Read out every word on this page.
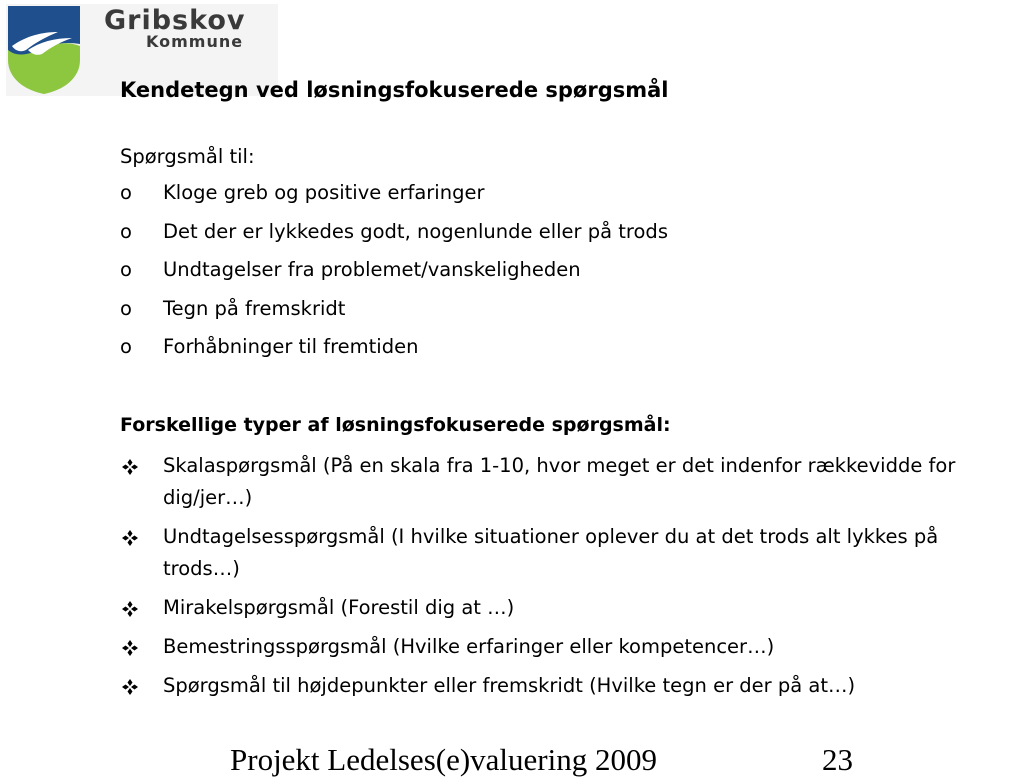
Gribskov
Kommune
Kendetegn ved løsningsfokuserede spørgsmål
Spørgsmål til:
o	Kloge greb og positive erfaringer
o	Det der er lykkedes godt, nogenlunde eller på trods
o	Undtagelser fra problemet/vanskeligheden
o	Tegn på fremskridt
o	Forhåbninger til fremtiden
Forskellige typer af løsningsfokuserede spørgsmål:
Skalaspørgsmål (På en skala fra 1-10, hvor meget er det indenfor rækkevidde for dig/jer…)
Undtagelsesspørgsmål (I hvilke situationer oplever du at det trods alt lykkes på trods…)
Mirakelspørgsmål (Forestil dig at …)
Bemestringsspørgsmål (Hvilke erfaringer eller kompetencer…)
Spørgsmål til højdepunkter eller fremskridt (Hvilke tegn er der på at…)
Projekt Ledelses(e)valuering 2009	23
